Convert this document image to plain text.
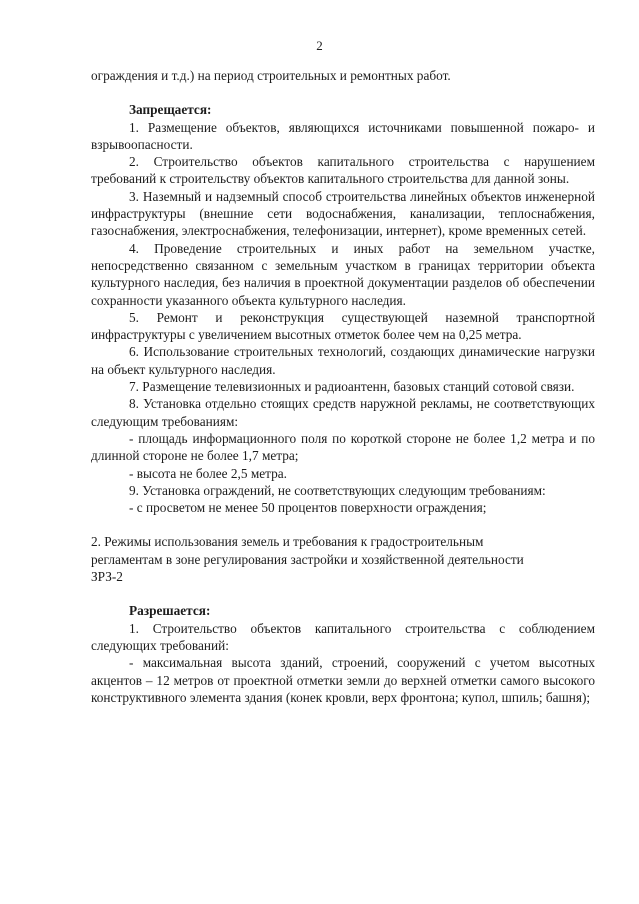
2

ограждения и т.д.) на период строительных и ремонтных работ.

Запрещается:

1. Размещение объектов, являющихся источниками повышенной пожаро- и взрывоопасности.

2. Строительство объектов капитального строительства с нарушением требований к строительству объектов капитального строительства для данной зоны.

3. Наземный и надземный способ строительства линейных объектов инженерной инфраструктуры (внешние сети водоснабжения, канализации, теплоснабжения, газоснабжения, электроснабжения, телефонизации, интернет), кроме временных сетей.

4. Проведение строительных и иных работ на земельном участке, непосредственно связанном с земельным участком в границах территории объекта культурного наследия, без наличия в проектной документации разделов об обеспечении сохранности указанного объекта культурного наследия.

5. Ремонт и реконструкция существующей наземной транспортной инфраструктуры с увеличением высотных отметок более чем на 0,25 метра.

6. Использование строительных технологий, создающих динамические нагрузки на объект культурного наследия.

7. Размещение телевизионных и радиоантенн, базовых станций сотовой связи.

8. Установка отдельно стоящих средств наружной рекламы, не соответствующих следующим требованиям:

- площадь информационного поля по короткой стороне не более 1,2 метра и по длинной стороне не более 1,7 метра;

- высота не более 2,5 метра.

9. Установка ограждений, не соответствующих следующим требованиям:

- с просветом не менее 50 процентов поверхности ограждения;

2. Режимы использования земель и требования к градостроительным

регламентам в зоне регулирования застройки и хозяйственной деятельности

ЗРЗ-2

Разрешается:

1. Строительство объектов капитального строительства с соблюдением следующих требований:

- максимальная высота зданий, строений, сооружений с учетом высотных акцентов – 12 метров от проектной отметки земли до верхней отметки самого высокого конструктивного элемента здания (конек кровли, верх фронтона; купол, шпиль; башня);
